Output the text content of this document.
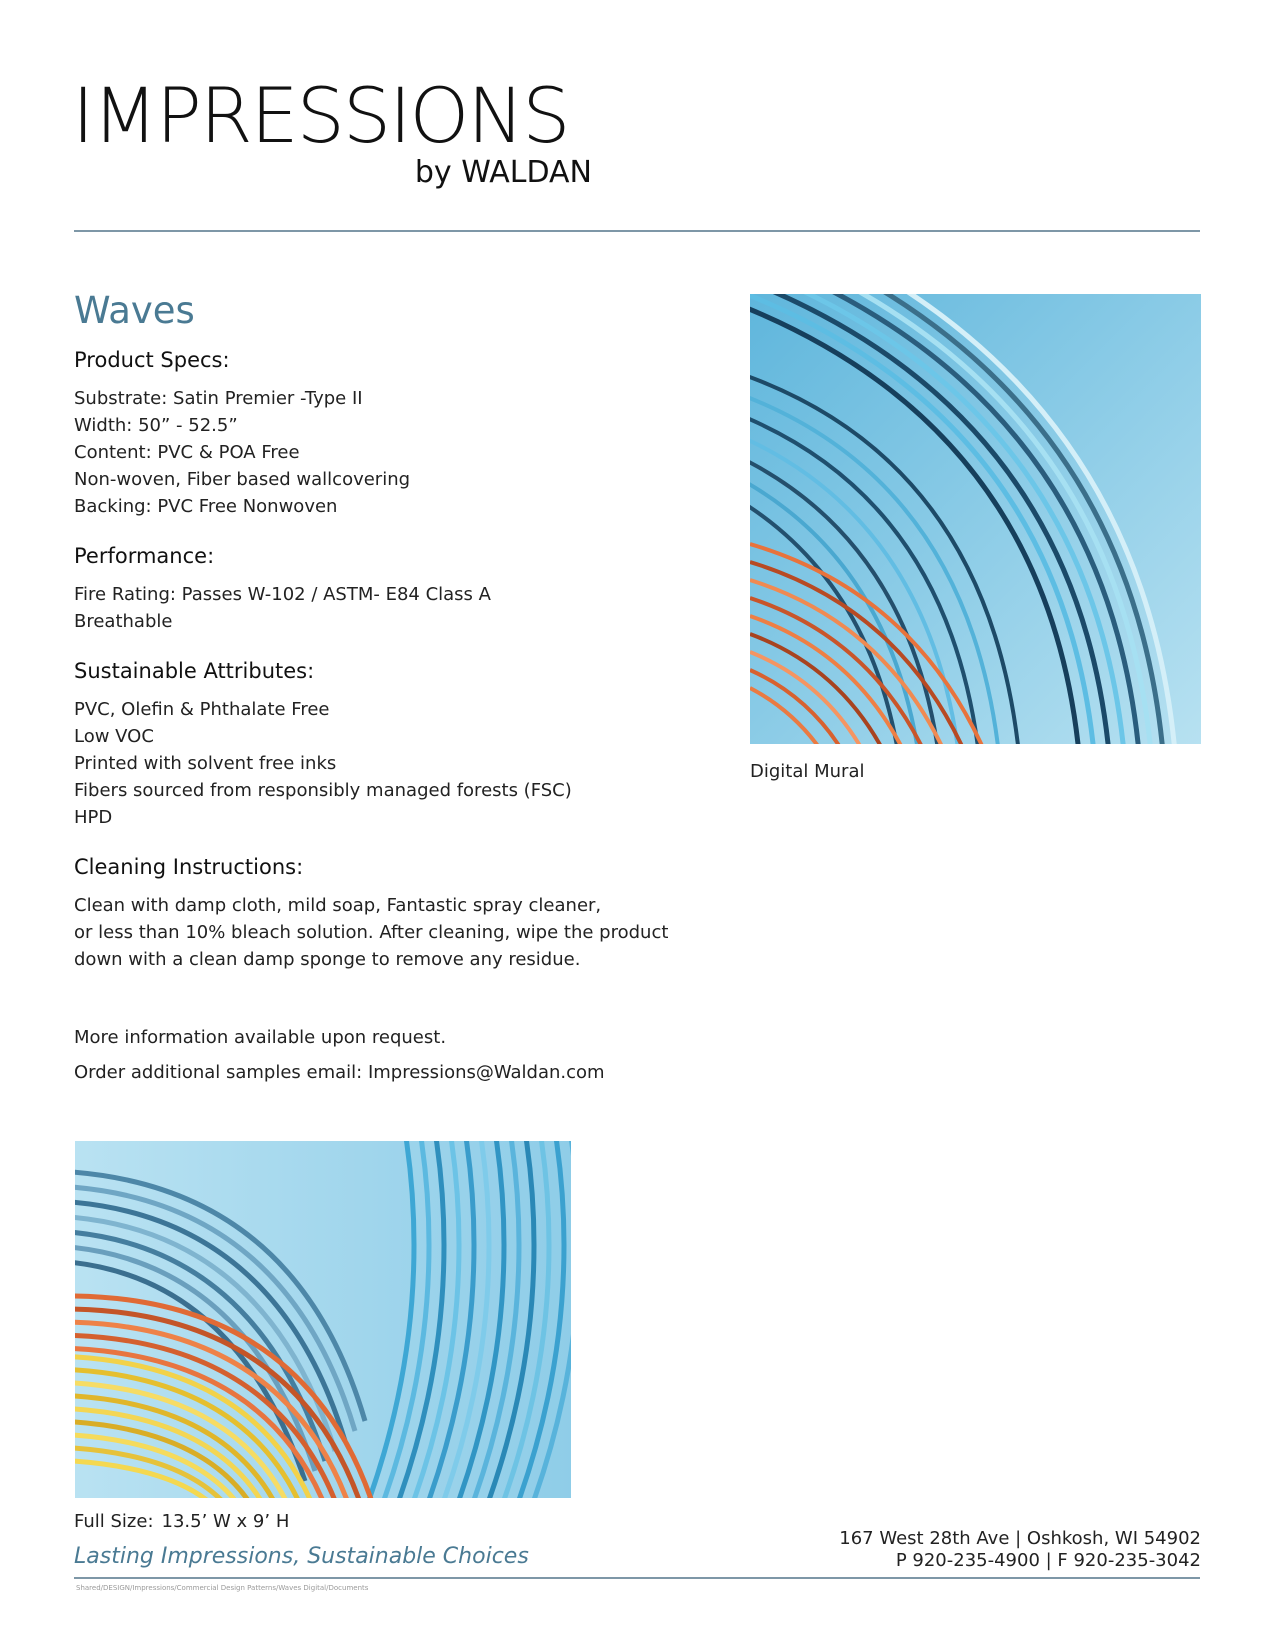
IMPRESSIONS
by WALDAN
Waves
Product Specs:
Substrate: Satin Premier -Type II
Width: 50” - 52.5”
Content: PVC & POA Free
Non-woven, Fiber based wallcovering
Backing: PVC Free Nonwoven
Performance:
Fire Rating: Passes W-102 / ASTM- E84 Class A
Breathable
Sustainable Attributes:
PVC, Olefin & Phthalate Free
Low VOC
Printed with solvent free inks
Fibers sourced from responsibly managed forests (FSC)
HPD
Cleaning Instructions:
Clean with damp cloth, mild soap, Fantastic spray cleaner,
or less than 10% bleach solution. After cleaning, wipe the product
down with a clean damp sponge to remove any residue.
More information available upon request.
Order additional samples email: Impressions@Waldan.com
Digital Mural
Full Size: 13.5’ W x 9’ H
Lasting Impressions, Sustainable Choices
167 West 28th Ave | Oshkosh, WI 54902
P 920-235-4900 | F 920-235-3042
Shared/DESIGN/Impressions/Commercial Design Patterns/Waves Digital/Documents
